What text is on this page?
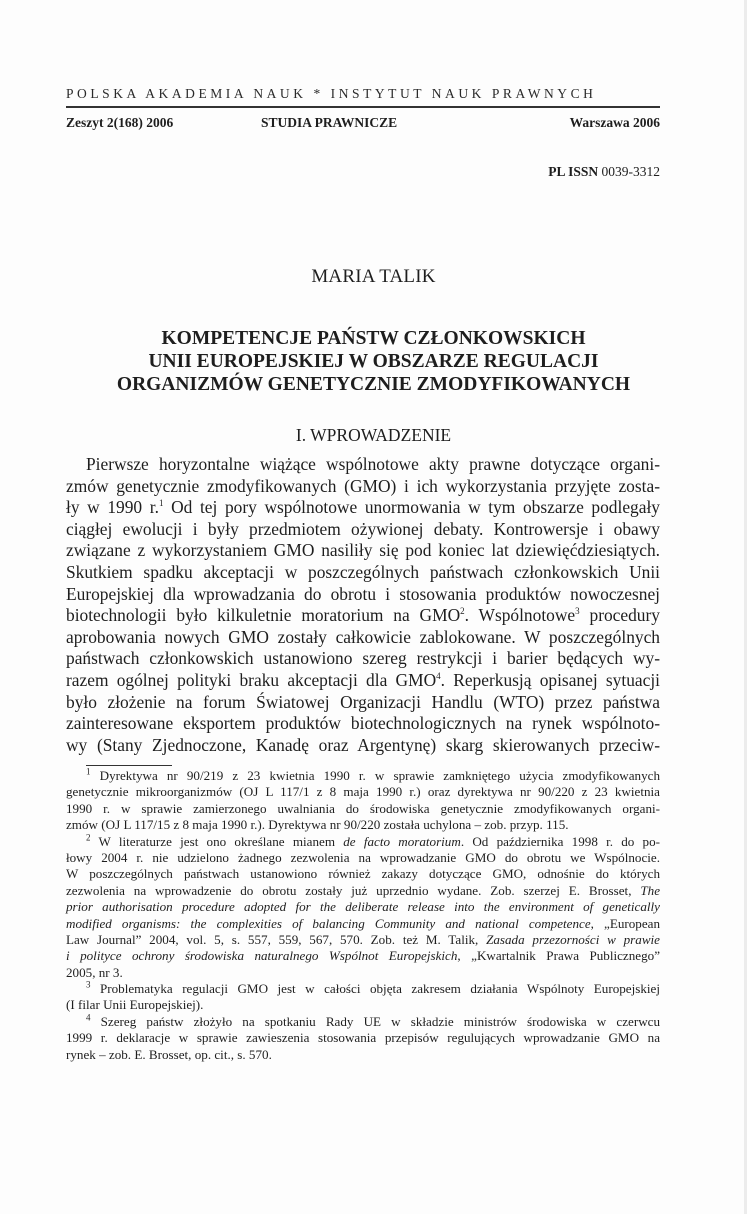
POLSKA AKADEMIA NAUK * INSTYTUT NAUK PRAWNYCH
Zeszyt 2(168) 2006	STUDIA PRAWNICZE	Warszawa 2006
PL ISSN 0039-3312
MARIA TALIK
KOMPETENCJE PAŃSTW CZŁONKOWSKICH
UNII EUROPEJSKIEJ W OBSZARZE REGULACJI
ORGANIZMÓW GENETYCZNIE ZMODYFIKOWANYCH
I. WPROWADZENIE
Pierwsze horyzontalne wiążące wspólnotowe akty prawne dotyczące organi-
zmów genetycznie zmodyfikowanych (GMO) i ich wykorzystania przyjęte zosta-
ły w 1990 r.$^1$ Od tej pory wspólnotowe unormowania w tym obszarze podlegały
ciągłej ewolucji i były przedmiotem ożywionej debaty. Kontrowersje i obawy
związane z wykorzystaniem GMO nasiliły się pod koniec lat dziewięćdziesiątych.
Skutkiem spadku akceptacji w poszczególnych państwach członkowskich Unii
Europejskiej dla wprowadzania do obrotu i stosowania produktów nowoczesnej
biotechnologii było kilkuletnie moratorium na GMO$^2$. Wspólnotowe$^3$ procedury
aprobowania nowych GMO zostały całkowicie zablokowane. W poszczególnych
państwach członkowskich ustanowiono szereg restrykcji i barier będących wy-
razem ogólnej polityki braku akceptacji dla GMO$^4$. Reperkusją opisanej sytuacji
było złożenie na forum Światowej Organizacji Handlu (WTO) przez państwa
zainteresowane eksportem produktów biotechnologicznych na rynek wspólnoto-
wy (Stany Zjednoczone, Kanadę oraz Argentynę) skarg skierowanych przeciw-
$^1$ Dyrektywa nr 90/219 z 23 kwietnia 1990 r. w sprawie zamkniętego użycia zmodyfikowanych
genetycznie mikroorganizmów (OJ L 117/1 z 8 maja 1990 r.) oraz dyrektywa nr 90/220 z 23 kwietnia
1990 r. w sprawie zamierzonego uwalniania do środowiska genetycznie zmodyfikowanych organi-
zmów (OJ L 117/15 z 8 maja 1990 r.). Dyrektywa nr 90/220 została uchylona – zob. przyp. 115.
$^2$ W literaturze jest ono określane mianem de facto moratorium. Od października 1998 r. do po-
łowy 2004 r. nie udzielono żadnego zezwolenia na wprowadzanie GMO do obrotu we Wspólnocie.
W poszczególnych państwach ustanowiono również zakazy dotyczące GMO, odnośnie do których
zezwolenia na wprowadzenie do obrotu zostały już uprzednio wydane. Zob. szerzej E. Brosset, The
prior authorisation procedure adopted for the deliberate release into the environment of genetically
modified organisms: the complexities of balancing Community and national competence, „European
Law Journal” 2004, vol. 5, s. 557, 559, 567, 570. Zob. też M. Talik, Zasada przezorności w prawie
i polityce ochrony środowiska naturalnego Wspólnot Europejskich, „Kwartalnik Prawa Publicznego”
2005, nr 3.
$^3$ Problematyka regulacji GMO jest w całości objęta zakresem działania Wspólnoty Europejskiej
(I filar Unii Europejskiej).
$^4$ Szereg państw złożyło na spotkaniu Rady UE w składzie ministrów środowiska w czerwcu
1999 r. deklaracje w sprawie zawieszenia stosowania przepisów regulujących wprowadzanie GMO na
rynek – zob. E. Brosset, op. cit., s. 570.
